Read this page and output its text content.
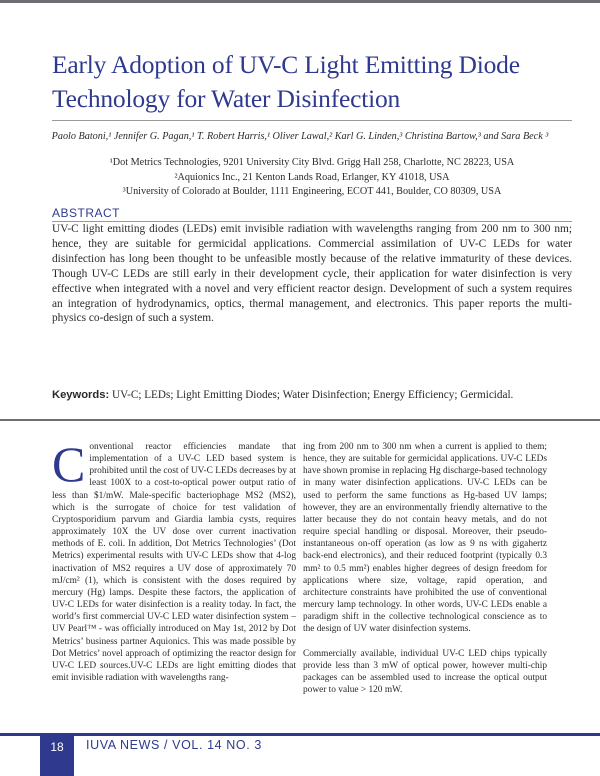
Early Adoption of UV-C Light Emitting Diode
Technology for Water Disinfection
Paolo Batoni,¹ Jennifer G. Pagan,¹ T. Robert Harris,¹ Oliver Lawal,² Karl G. Linden,³ Christina Bartow,³ and Sara Beck ³
¹Dot Metrics Technologies, 9201 University City Blvd. Grigg Hall 258, Charlotte, NC 28223, USA
²Aquionics Inc., 21 Kenton Lands Road, Erlanger, KY 41018, USA
³University of Colorado at Boulder, 1111 Engineering, ECOT 441, Boulder, CO 80309, USA
ABSTRACT

UV-C light emitting diodes (LEDs) emit invisible radiation with wavelengths ranging from 200 nm to 300 nm; hence, they are suitable for germicidal applications. Commercial assimilation of UV-C LEDs for water disinfection has long been thought to be unfeasible mostly because of the relative immaturity of these devices. Though UV-C LEDs are still early in their development cycle, their application for water disinfection is very effective when integrated with a novel and very efficient reactor design. Development of such a system requires an integration of hydrodynamics, optics, thermal management, and electronics. This paper reports the multi-physics co-design of such a system.

Keywords: UV-C; LEDs; Light Emitting Diodes; Water Disinfection; Energy Efficiency; Germicidal.

Conventional reactor efficiencies mandate that implementation of a UV-C LED based system is prohibited until the cost of UV-C LEDs decreases by at least 100X to a cost-to-optical power output ratio of less than $1/mW. Male-specific bacteriophage MS2 (MS2), which is the surrogate of choice for test validation of Cryptosporidium parvum and Giardia lambia cysts, requires approximately 10X the UV dose over current inactivation methods of E. coli. In addition, Dot Metrics Technologies’ (Dot Metrics) experimental results with UV-C LEDs show that 4-log inactivation of MS2 requires a UV dose of approximately 70 mJ/cm² (1), which is consistent with the doses required by mercury (Hg) lamps. Despite these factors, the application of UV-C LEDs for water disinfection is a reality today. In fact, the world’s first commercial UV-C LED water disinfection system – UV Pearl™ - was officially introduced on May 1st, 2012 by Dot Metrics’ business partner Aquionics. This was made possible by Dot Metrics’ novel approach of optimizing the reactor design for UV-C LED sources.UV-C LEDs are light emitting diodes that emit invisible radiation with wavelengths rang-

ing from 200 nm to 300 nm when a current is applied to them; hence, they are suitable for germicidal applications. UV-C LEDs have shown promise in replacing Hg discharge-based technology in many water disinfection applications. UV-C LEDs can be used to perform the same functions as Hg-based UV lamps; however, they are an environmentally friendly alternative to the latter because they do not contain heavy metals, and do not require special handling or disposal. Moreover, their pseudo-instantaneous on-off operation (as low as 9 ns with gigahertz back-end electronics), and their reduced footprint (typically 0.3 mm² to 0.5 mm²) enables higher degrees of design freedom for applications where size, voltage, rapid operation, and architecture constraints have prohibited the use of conventional mercury lamp technology. In other words, UV-C LEDs enable a paradigm shift in the collective technological conscience as to the design of UV water disinfection systems.

Commercially available, individual UV-C LED chips typically provide less than 3 mW of optical power, however multi-chip packages can be assembled used to increase the optical output power to value > 120 mW.

18	IUVA NEWS / VOL. 14 NO. 3
